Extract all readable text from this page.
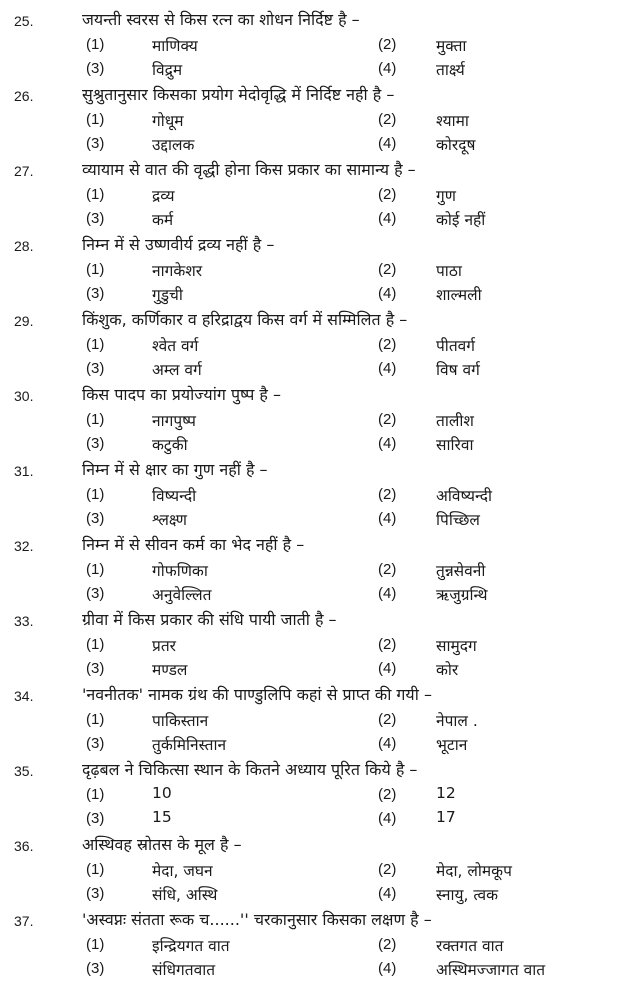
25.	जयन्ती स्वरस से किस रत्न का शोधन निर्दिष्ट है –
(1)	माणिक्य	(2)	मुक्ता
(3)	विद्रुम	(4)	तार्क्ष्य
26.	सुश्रुतानुसार किसका प्रयोग मेदोवृद्धि में निर्दिष्ट नही है –
(1)	गोधूम	(2)	श्यामा
(3)	उद्दालक	(4)	कोरदूष
27.	व्यायाम से वात की वृद्धी होना किस प्रकार का सामान्य है –
(1)	द्रव्य	(2)	गुण
(3)	कर्म	(4)	कोई नहीं
28.	निम्न में से उष्णवीर्य द्रव्य नहीं है –
(1)	नागकेशर	(2)	पाठा
(3)	गुडुची	(4)	शाल्मली
29.	किंशुक, कर्णिकार व हरिद्राद्वय किस वर्ग में सम्मिलित है –
(1)	श्वेत वर्ग	(2)	पीतवर्ग
(3)	अम्ल वर्ग	(4)	विष वर्ग
30.	किस पादप का प्रयोज्यांग पुष्प है –
(1)	नागपुष्प	(2)	तालीश
(3)	कटुकी	(4)	सारिवा
31.	निम्न में से क्षार का गुण नहीं है –
(1)	विष्यन्दी	(2)	अविष्यन्दी
(3)	श्लक्ष्ण	(4)	पिच्छिल
32.	निम्न में से सीवन कर्म का भेद नहीं है –
(1)	गोफणिका	(2)	तुन्नसेवनी
(3)	अनुवेल्लित	(4)	ऋजुग्रन्थि
33.	ग्रीवा में किस प्रकार की संधि पायी जाती है –
(1)	प्रतर	(2)	सामुदग
(3)	मण्डल	(4)	कोर
34.	'नवनीतक' नामक ग्रंथ की पाण्डुलिपि कहां से प्राप्त की गयी –
(1)	पाकिस्तान	(2)	नेपाल .
(3)	तुर्कमिनिस्तान	(4)	भूटान
35.	दृढ़बल ने चिकित्सा स्थान के कितने अध्याय पूरित किये है –
(1)	10	(2)	12
(3)	15	(4)	17
36.	अस्थिवह स्रोतस के मूल है –
(1)	मेदा, जघन	(2)	मेदा, लोमकूप
(3)	संधि, अस्थि	(4)	स्नायु, त्वक
37.	'अस्वप्नः संतता रूक च......'' चरकानुसार किसका लक्षण है –
(1)	इन्द्रियगत वात	(2)	रक्तगत वात
(3)	संधिगतवात	(4)	अस्थिमज्जागत वात
